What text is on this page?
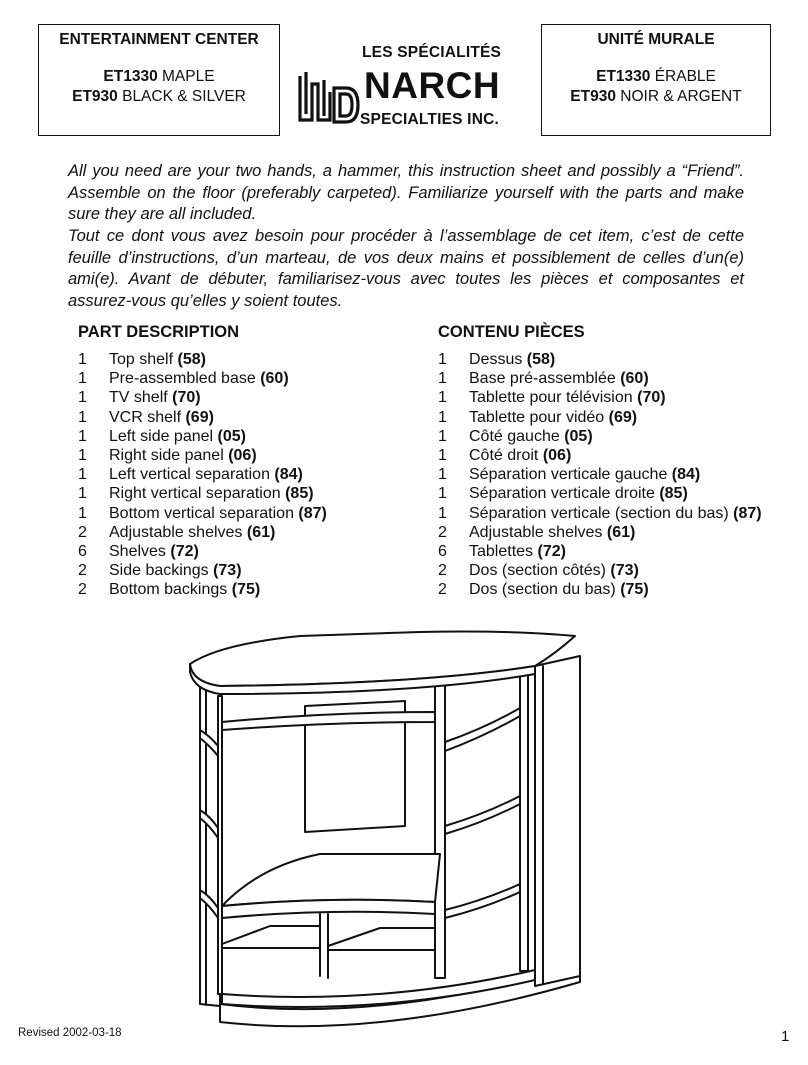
ENTERTAINMENT CENTER
ET1330 MAPLE
ET930 BLACK & SILVER
UNITÉ MURALE
ET1330 ÉRABLE
ET930 NOIR & ARGENT
LES SPÉCIALITÉS
NARCH
SPECIALTIES INC.

All you need are your two hands, a hammer, this instruction sheet and possibly a “Friend”. Assemble on the floor (preferably carpeted). Familiarize yourself with the parts and make sure they are all included.

Tout ce dont vous avez besoin pour procéder à l’assemblage de cet item, c’est de cette feuille d’instructions, d’un marteau, de vos deux mains et possiblement de celles d’un(e) ami(e). Avant de débuter, familiarisez-vous avec toutes les pièces et composantes et assurez-vous qu’elles y soient toutes.

PART DESCRIPTION	CONTENU PIÈCES
1	Top shelf (58)
1	Pre-assembled base (60)
1	TV shelf (70)
1	VCR shelf (69)
1	Left side panel (05)
1	Right side panel (06)
1	Left vertical separation (84)
1	Right vertical separation (85)
1	Bottom vertical separation (87)
2	Adjustable shelves (61)
6	Shelves (72)
2	Side backings (73)
2	Bottom backings (75)
1	Dessus (58)
1	Base pré-assemblée (60)
1	Tablette pour télévision (70)
1	Tablette pour vidéo (69)
1	Côté gauche (05)
1	Côté droit (06)
1	Séparation verticale gauche (84)
1	Séparation verticale droite (85)
1	Séparation verticale (section du bas) (87)
2	Adjustable shelves (61)
6	Tablettes (72)
2	Dos (section côtés) (73)
2	Dos (section du bas) (75)
Revised 2002-03-18	1
